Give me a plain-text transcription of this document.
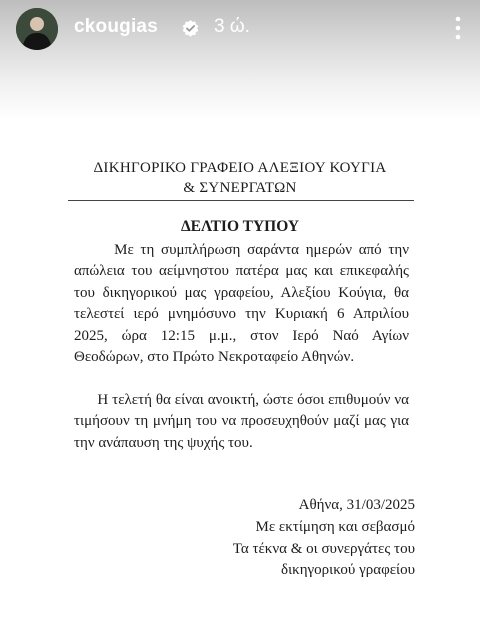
ΔΙΚΗΓΟΡΙΚΟ ΓΡΑΦΕΙΟ ΑΛΕΞΙΟΥ ΚΟΥΓΙΑ
& ΣΥΝΕΡΓΑΤΩΝ
ΔΕΛΤΙΟ ΤΥΠΟΥ
Με τη συμπλήρωση σαράντα ημερών από την απώλεια του αείμνηστου πατέρα μας και επικεφαλής του δικηγορικού μας γραφείου, Αλεξίου Κούγια, θα τελεστεί ιερό μνημόσυνο την Κυριακή 6 Απριλίου 2025, ώρα 12:15 μ.μ., στον Ιερό Ναό Αγίων Θεοδώρων, στο Πρώτο Νεκροταφείο Αθηνών.
Η τελετή θα είναι ανοικτή, ώστε όσοι επιθυμούν να τιμήσουν τη μνήμη του να προσευχηθούν μαζί μας για την ανάπαυση της ψυχής του.
Αθήνα, 31/03/2025
Με εκτίμηση και σεβασμό
Τα τέκνα & οι συνεργάτες του δικηγορικού γραφείου
ckougias	3 ώ.
